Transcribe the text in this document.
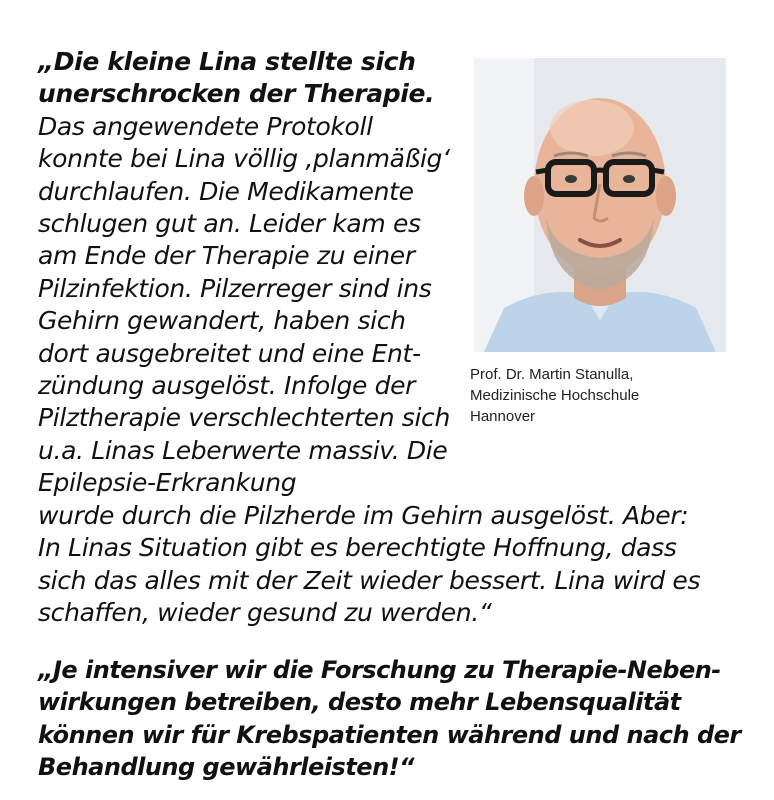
„Die kleine Lina stellte sich
unerschrocken der Therapie.
Das angewendete Protokoll
konnte bei Lina völlig ‚planmäßig‘
durchlaufen. Die Medikamente
schlugen gut an. Leider kam es
am Ende der Therapie zu einer
Pilzinfektion. Pilzerreger sind ins
Gehirn gewandert, haben sich
dort ausgebreitet und eine Ent-
zündung ausgelöst. Infolge der
Pilztherapie verschlechterten sich
u.a. Linas Leberwerte massiv. Die Epilepsie-Erkrankung
wurde durch die Pilzherde im Gehirn ausgelöst. Aber:
In Linas Situation gibt es berechtigte Hoffnung, dass
sich das alles mit der Zeit wieder bessert. Lina wird es
schaffen, wieder gesund zu werden.“
Prof. Dr. Martin Stanulla,
Medizinische Hochschule
Hannover
„Je intensiver wir die Forschung zu Therapie-Neben-
wirkungen betreiben, desto mehr Lebensqualität
können wir für Krebspatienten während und nach der
Behandlung gewährleisten!“
